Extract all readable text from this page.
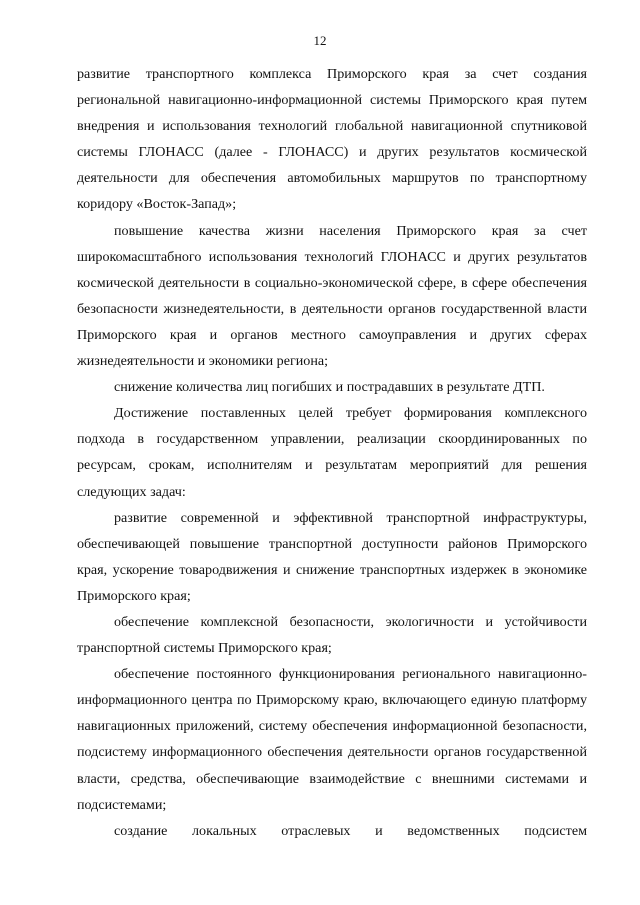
12

развитие транспортного комплекса Приморского края за счет создания региональной навигационно-информационной системы Приморского края путем внедрения и использования технологий глобальной навигационной спутниковой системы ГЛОНАСС (далее - ГЛОНАСС) и других результатов космической деятельности для обеспечения автомобильных маршрутов по транспортному коридору «Восток-Запад»;

повышение качества жизни населения Приморского края за счет широкомасштабного использования технологий ГЛОНАСС и других результатов космической деятельности в социально-экономической сфере, в сфере обеспечения безопасности жизнедеятельности, в деятельности органов государственной власти Приморского края и органов местного самоуправления и других сферах жизнедеятельности и экономики региона;

снижение количества лиц погибших и пострадавших в результате ДТП.

Достижение поставленных целей требует формирования комплексного подхода в государственном управлении, реализации скоординированных по ресурсам, срокам, исполнителям и результатам мероприятий для решения следующих задач:

развитие современной и эффективной транспортной инфраструктуры, обеспечивающей повышение транспортной доступности районов Приморского края, ускорение товародвижения и снижение транспортных издержек в экономике Приморского края;

обеспечение комплексной безопасности, экологичности и устойчивости транспортной системы Приморского края;

обеспечение постоянного функционирования регионального навигационно-информационного центра по Приморскому краю, включающего единую платформу навигационных приложений, систему обеспечения информационной безопасности, подсистему информационного обеспечения деятельности органов государственной власти, средства, обеспечивающие взаимодействие с внешними системами и подсистемами;

создание локальных отраслевых и ведомственных подсистем
